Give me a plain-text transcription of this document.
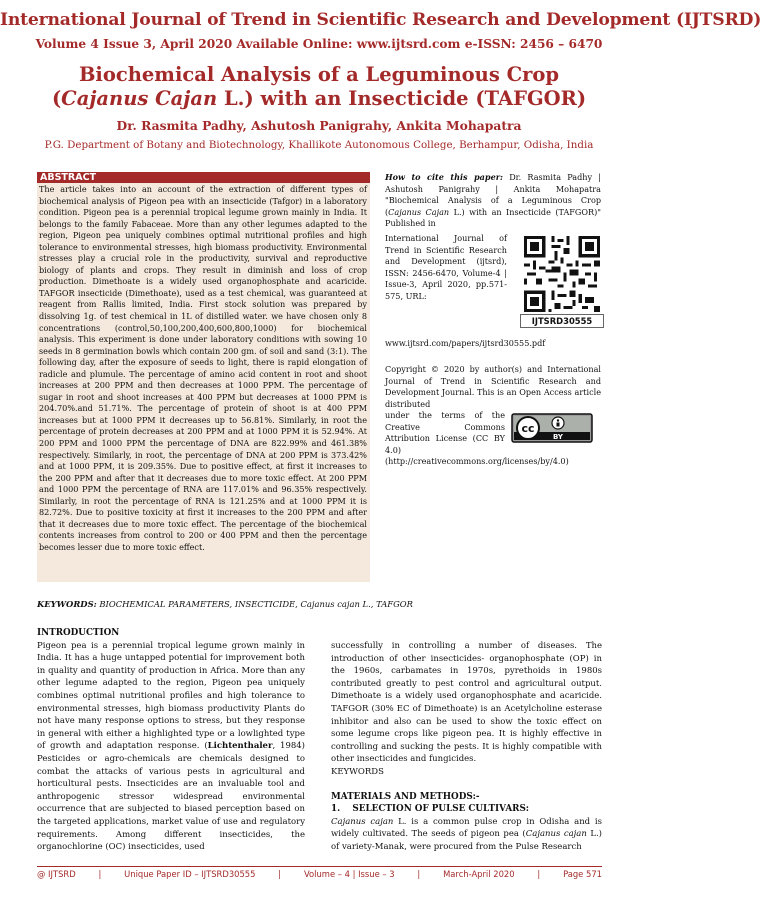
International Journal of Trend in Scientific Research and Development (IJTSRD)
Volume 4 Issue 3, April 2020 Available Online: www.ijtsrd.com e-ISSN: 2456 – 6470
Biochemical Analysis of a Leguminous Crop
(Cajanus Cajan L.) with an Insecticide (TAFGOR)
Dr. Rasmita Padhy, Ashutosh Panigrahy, Ankita Mohapatra
P.G. Department of Botany and Biotechnology, Khallikote Autonomous College, Berhampur, Odisha, India
ABSTRACT
The article takes into an account of the extraction of different types of biochemical analysis of Pigeon pea with an insecticide (Tafgor) in a laboratory condition. Pigeon pea is a perennial tropical legume grown mainly in India. It belongs to the family Fabaceae. More than any other legumes adapted to the region, Pigeon pea uniquely combines optimal nutritional profiles and high tolerance to environmental stresses, high biomass productivity. Environmental stresses play a crucial role in the productivity, survival and reproductive biology of plants and crops. They result in diminish and loss of crop production. Dimethoate is a widely used organophosphate and acaricide. TAFGOR insecticide (Dimethoate), used as a test chemical, was guaranteed at reagent from Rallis limited, India. First stock solution was prepared by dissolving 1g. of test chemical in 1L of distilled water. we have chosen only 8 concentrations (control,50,100,200,400,600,800,1000) for biochemical analysis. This experiment is done under laboratory conditions with sowing 10 seeds in 8 germination bowls which contain 200 gm. of soil and sand (3:1). The following day, after the exposure of seeds to light, there is rapid elongation of radicle and plumule. The percentage of amino acid content in root and shoot increases at 200 PPM and then decreases at 1000 PPM. The percentage of sugar in root and shoot increases at 400 PPM but decreases at 1000 PPM is 204.70%.and 51.71%. The percentage of protein of shoot is at 400 PPM increases but at 1000 PPM it decreases up to 56.81%. Similarly, in root the percentage of protein decreases at 200 PPM and at 1000 PPM it is 52.94%. At 200 PPM and 1000 PPM the percentage of DNA are 822.99% and 461.38% respectively. Similarly, in root, the percentage of DNA at 200 PPM is 373.42% and at 1000 PPM, it is 209.35%. Due to positive effect, at first it increases to the 200 PPM and after that it decreases due to more toxic effect. At 200 PPM and 1000 PPM the percentage of RNA are 117.01% and 96.35% respectively. Similarly, in root the percentage of RNA is 121.25% and at 1000 PPM it is 82.72%. Due to positive toxicity at first it increases to the 200 PPM and after that it decreases due to more toxic effect. The percentage of the biochemical contents increases from control to 200 or 400 PPM and then the percentage becomes lesser due to more toxic effect.
How to cite this paper: Dr. Rasmita Padhy | Ashutosh Panigrahy | Ankita Mohapatra "Biochemical Analysis of a Leguminous Crop (Cajanus Cajan L.) with an Insecticide (TAFGOR)" Published in
International Journal of Trend in Scientific Research and Development (ijtsrd), ISSN: 2456-6470, Volume-4 | Issue-3, April 2020, pp.571-575, URL:
IJTSRD30555
www.ijtsrd.com/papers/ijtsrd30555.pdf
Copyright © 2020 by author(s) and International Journal of Trend in Scientific Research and Development Journal. This is an Open Access article distributed
under the terms of the Creative Commons Attribution License (CC BY 4.0)
cc
BY
(http://creativecommons.org/licenses/by/4.0)
KEYWORDS: BIOCHEMICAL PARAMETERS, INSECTICIDE, Cajanus cajan L., TAFGOR
INTRODUCTION
Pigeon pea is a perennial tropical legume grown mainly in India. It has a huge untapped potential for improvement both in quality and quantity of production in Africa. More than any other legume adapted to the region, Pigeon pea uniquely combines optimal nutritional profiles and high tolerance to environmental stresses, high biomass productivity Plants do not have many response options to stress, but they response in general with either a highlighted type or a lowlighted type of growth and adaptation response. (Lichtenthaler, 1984) Pesticides or agro-chemicals are chemicals designed to combat the attacks of various pests in agricultural and horticultural pests. Insecticides are an invaluable tool and anthropogenic stressor widespread environmental occurrence that are subjected to biased perception based on the targeted applications, market value of use and regulatory requirements. Among different insecticides, the organochlorine (OC) insecticides, used
successfully in controlling a number of diseases. The introduction of other insecticides- organophosphate (OP) in the 1960s, carbamates in 1970s, pyrethoids in 1980s contributed greatly to pest control and agricultural output. Dimethoate is a widely used organophosphate and acaricide. TAFGOR (30% EC of Dimethoate) is an Acetylcholine esterase inhibitor and also can be used to show the toxic effect on some legume crops like pigeon pea. It is highly effective in controlling and sucking the pests. It is highly compatible with other insecticides and fungicides.
KEYWORDS
MATERIALS AND METHODS:-
1.    SELECTION OF PULSE CULTIVARS:
Cajanus cajan L. is a common pulse crop in Odisha and is widely cultivated. The seeds of pigeon pea (Cajanus cajan L.) of variety-Manak, were procured from the Pulse Research
@ IJTSRD	|	Unique Paper ID – IJTSRD30555	|	Volume – 4 | Issue – 3	|	March-April 2020	|	Page 571
